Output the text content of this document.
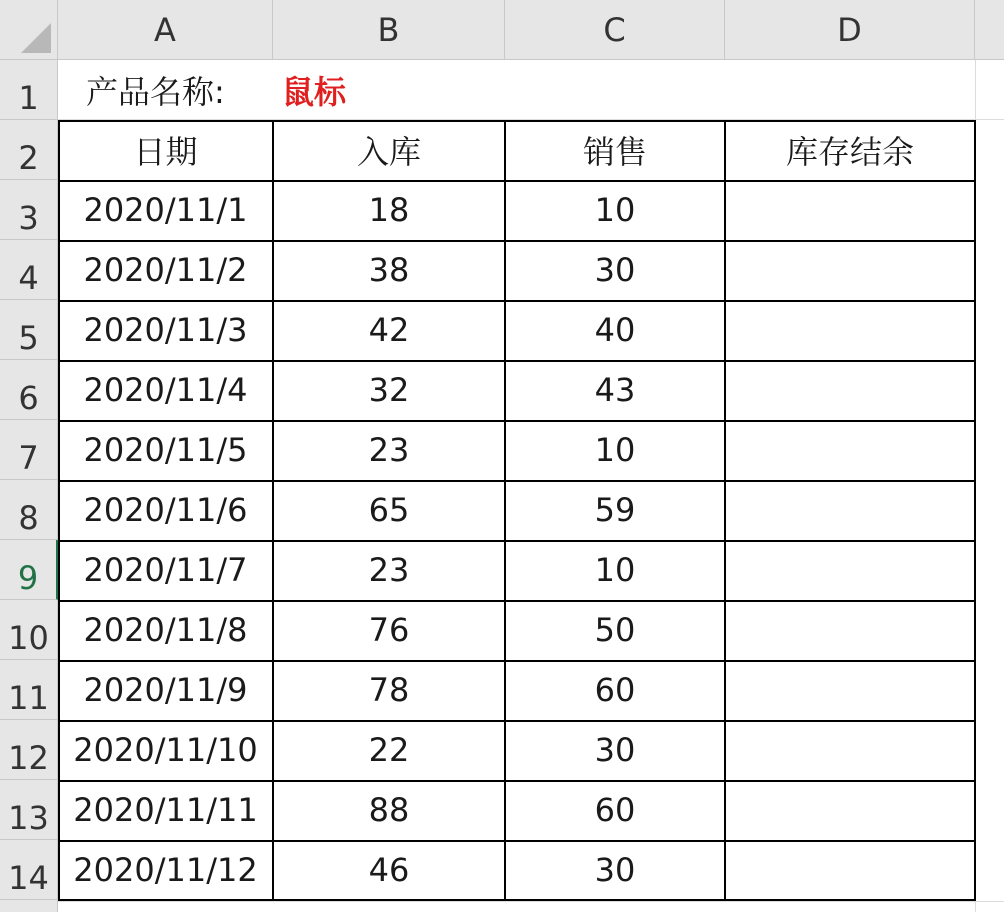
A	B	C	D
1
2
3
4
5
6
7
8
9
10
11
12
13
14
产品名称: 鼠标
日期	入库	销售	库存结余
2020/11/1	18	10
2020/11/2	38	30
2020/11/3	42	40
2020/11/4	32	43
2020/11/5	23	10
2020/11/6	65	59
2020/11/7	23	10
2020/11/8	76	50
2020/11/9	78	60
2020/11/10	22	30
2020/11/11	88	60
2020/11/12	46	30
